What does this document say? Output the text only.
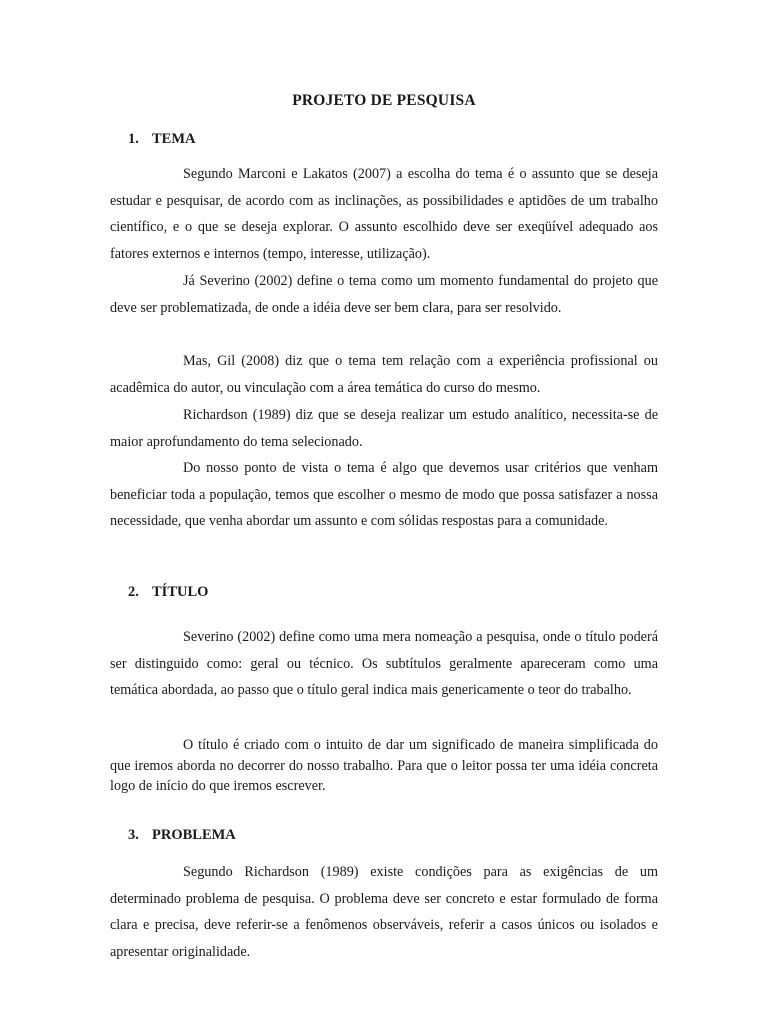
PROJETO DE PESQUISA
1. TEMA

Segundo Marconi e Lakatos (2007) a escolha do tema é o assunto que se deseja estudar e pesquisar, de acordo com as inclinações, as possibilidades e aptidões de um trabalho científico, e o que se deseja explorar. O assunto escolhido deve ser exeqüível adequado aos fatores externos e internos (tempo, interesse, utilização).

Já Severino (2002) define o tema como um momento fundamental do projeto que deve ser problematizada, de onde a idéia deve ser bem clara, para ser resolvido.

Mas, Gil (2008) diz que o tema tem relação com a experiência profissional ou acadêmica do autor, ou vinculação com a área temática do curso do mesmo.

Richardson (1989) diz que se deseja realizar um estudo analítico, necessita-se de maior aprofundamento do tema selecionado.

Do nosso ponto de vista o tema é algo que devemos usar critérios que venham beneficiar toda a população, temos que escolher o mesmo de modo que possa satisfazer a nossa necessidade, que venha abordar um assunto e com sólidas respostas para a comunidade.

2. TÍTULO

Severino (2002) define como uma mera nomeação a pesquisa, onde o título poderá ser distinguido como: geral ou técnico. Os subtítulos geralmente apareceram como uma temática abordada, ao passo que o título geral indica mais genericamente o teor do trabalho.

O título é criado com o intuito de dar um significado de maneira simplificada do que iremos aborda no decorrer do nosso trabalho. Para que o leitor possa ter uma idéia concreta logo de início do que iremos escrever.

3. PROBLEMA

Segundo Richardson (1989) existe condições para as exigências de um determinado problema de pesquisa. O problema deve ser concreto e estar formulado de forma clara e precisa, deve referir-se a fenômenos observáveis, referir a casos únicos ou isolados e apresentar originalidade.
